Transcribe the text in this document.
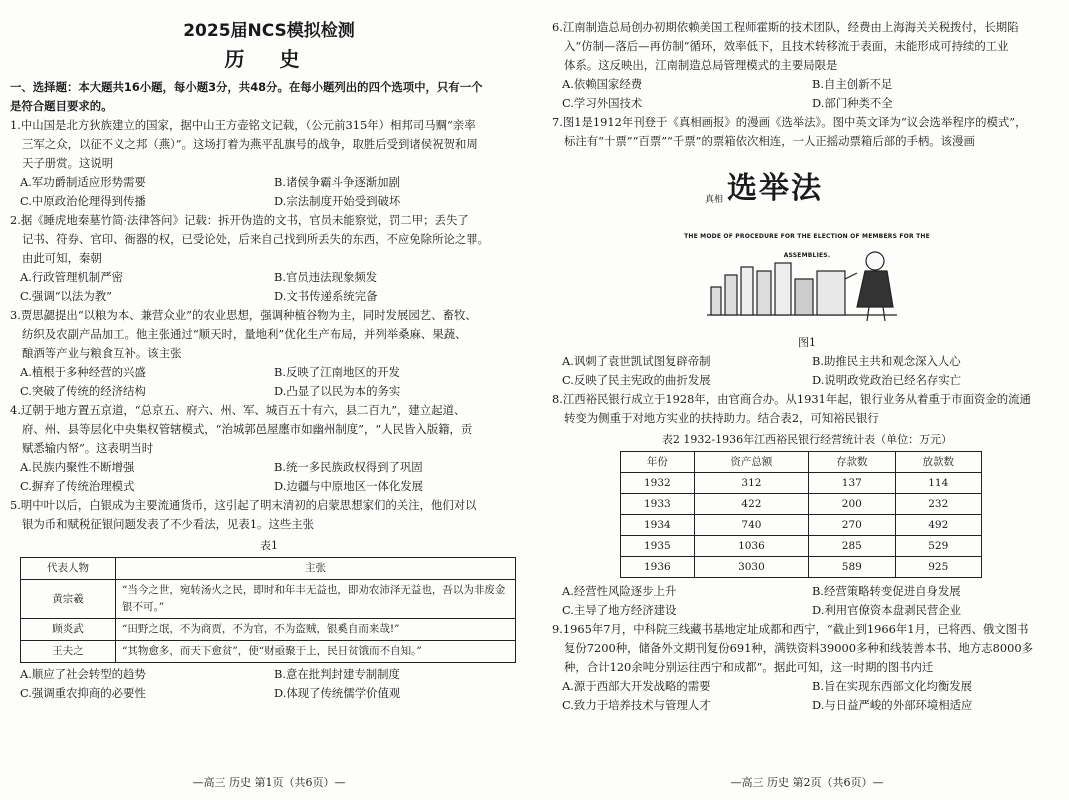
2025届NCS模拟检测
历 史

一、选择题：本大题共16小题，每小题3分，共48分。在每小题列出的四个选项中，只有一个

是符合题目要求的。

1.中山国是北方狄族建立的国家，据中山王方壶铭文记载，（公元前315年）相邦司马赒“亲率

三军之众，以征不义之邦（燕）”。这场打着为燕平乱旗号的战争，取胜后受到诸侯祝贺和周

天子册赏。这说明

A.军功爵制适应形势需要	B.诸侯争霸斗争逐渐加剧
C.中原政治伦理得到传播	D.宗法制度开始受到破坏

2.据《睡虎地秦墓竹简·法律答问》记载：拆开伪造的文书，官员未能察觉，罚二甲；丢失了

记书、符券、官印、衙器的权，已受论处，后来自己找到所丢失的东西，不应免除所论之罪。

由此可知，秦朝

A.行政管理机制严密	B.官员违法现象频发
C.强调“以法为教”	D.文书传递系统完备

3.贾思勰提出“以粮为本、兼营众业”的农业思想，强调种植谷物为主，同时发展园艺、畜牧、

纺织及农副产品加工。他主张通过“顺天时，量地利”优化生产布局，并列举桑麻、果蔬、

酿酒等产业与粮食互补。该主张

A.植根于多种经营的兴盛	B.反映了江南地区的开发
C.突破了传统的经济结构	D.凸显了以民为本的务实

4.辽朝于地方置五京道，“总京五、府六、州、军、城百五十有六，县二百九”，建立起道、

府、州、县等层化中央集权管辖模式，“治城郭邑屋廛市如幽州制度”，“人民皆入版籍，贡

赋悉输内帑”。这表明当时

A.民族内聚性不断增强	B.统一多民族政权得到了巩固
C.摒弃了传统治理模式	D.边疆与中原地区一体化发展

5.明中叶以后，白银成为主要流通货币，这引起了明末清初的启蒙思想家们的关注，他们对以

银为币和赋税征银问题发表了不少看法，见表1。这些主张

表1
代表人物	主张
黄宗羲	“当今之世，宛转汤火之民，即时和年丰无益也，即劝农沛泽无益也，吾以为非废金银不可。”
顾炎武	“田野之氓，不为商贾，不为官，不为盗贼，银奚自而来哉!”
王夫之	“其物愈多，而天下愈贫”，使“财亟聚于上，民日贫饿而不自知。”
A.顺应了社会转型的趋势	B.意在批判封建专制制度
C.强调重农抑商的必要性	D.体现了传统儒学价值观
—高三 历史 第1页（共6页）—

6.江南制造总局创办初期依赖美国工程师霍斯的技术团队，经费由上海海关关税拨付，长期陷

入“仿制—落后—再仿制”循环，效率低下，且技术转移流于表面，未能形成可持续的工业

体系。这反映出，江南制造总局管理模式的主要局限是

A.依赖国家经费	B.自主创新不足
C.学习外国技术	D.部门种类不全

7.图1是1912年刊登于《真相画报》的漫画《选举法》。图中英文译为“议会选举程序的模式”，

标注有“十票”“百票”“千票”的票箱依次相连，一人正摇动票箱后部的手柄。该漫画

真相 选举法
THE MODE OF PROCEDURE FOR THE ELECTION OF MEMBERS FOR THE ASSEMBLIES.
图1
A.讽刺了袁世凯试图复辟帝制	B.助推民主共和观念深入人心
C.反映了民主宪政的曲折发展	D.说明政党政治已经名存实亡

8.江西裕民银行成立于1928年，由官商合办。从1931年起，银行业务从着重于市面资金的流通

转变为侧重于对地方实业的扶持助力。结合表2，可知裕民银行

表2 1932-1936年江西裕民银行经营统计表（单位：万元）
年份	资产总额	存款数	放款数
1932	312	137	114
1933	422	200	232
1934	740	270	492
1935	1036	285	529
1936	3030	589	925
A.经营性风险逐步上升	B.经营策略转变促进自身发展
C.主导了地方经济建设	D.利用官僚资本盘剥民营企业

9.1965年7月，中科院三线藏书基地定址成都和西宁，“截止到1966年1月，已将西、俄文图书

复份7200种，储备外文期刊复份691种，满铁资料39000多种和线装善本书、地方志8000多

种，合计120余吨分别运往西宁和成都”。据此可知，这一时期的图书内迁

A.源于西部大开发战略的需要	B.旨在实现东西部文化均衡发展
C.致力于培养技术与管理人才	D.与日益严峻的外部环境相适应
—高三 历史 第2页（共6页）—
